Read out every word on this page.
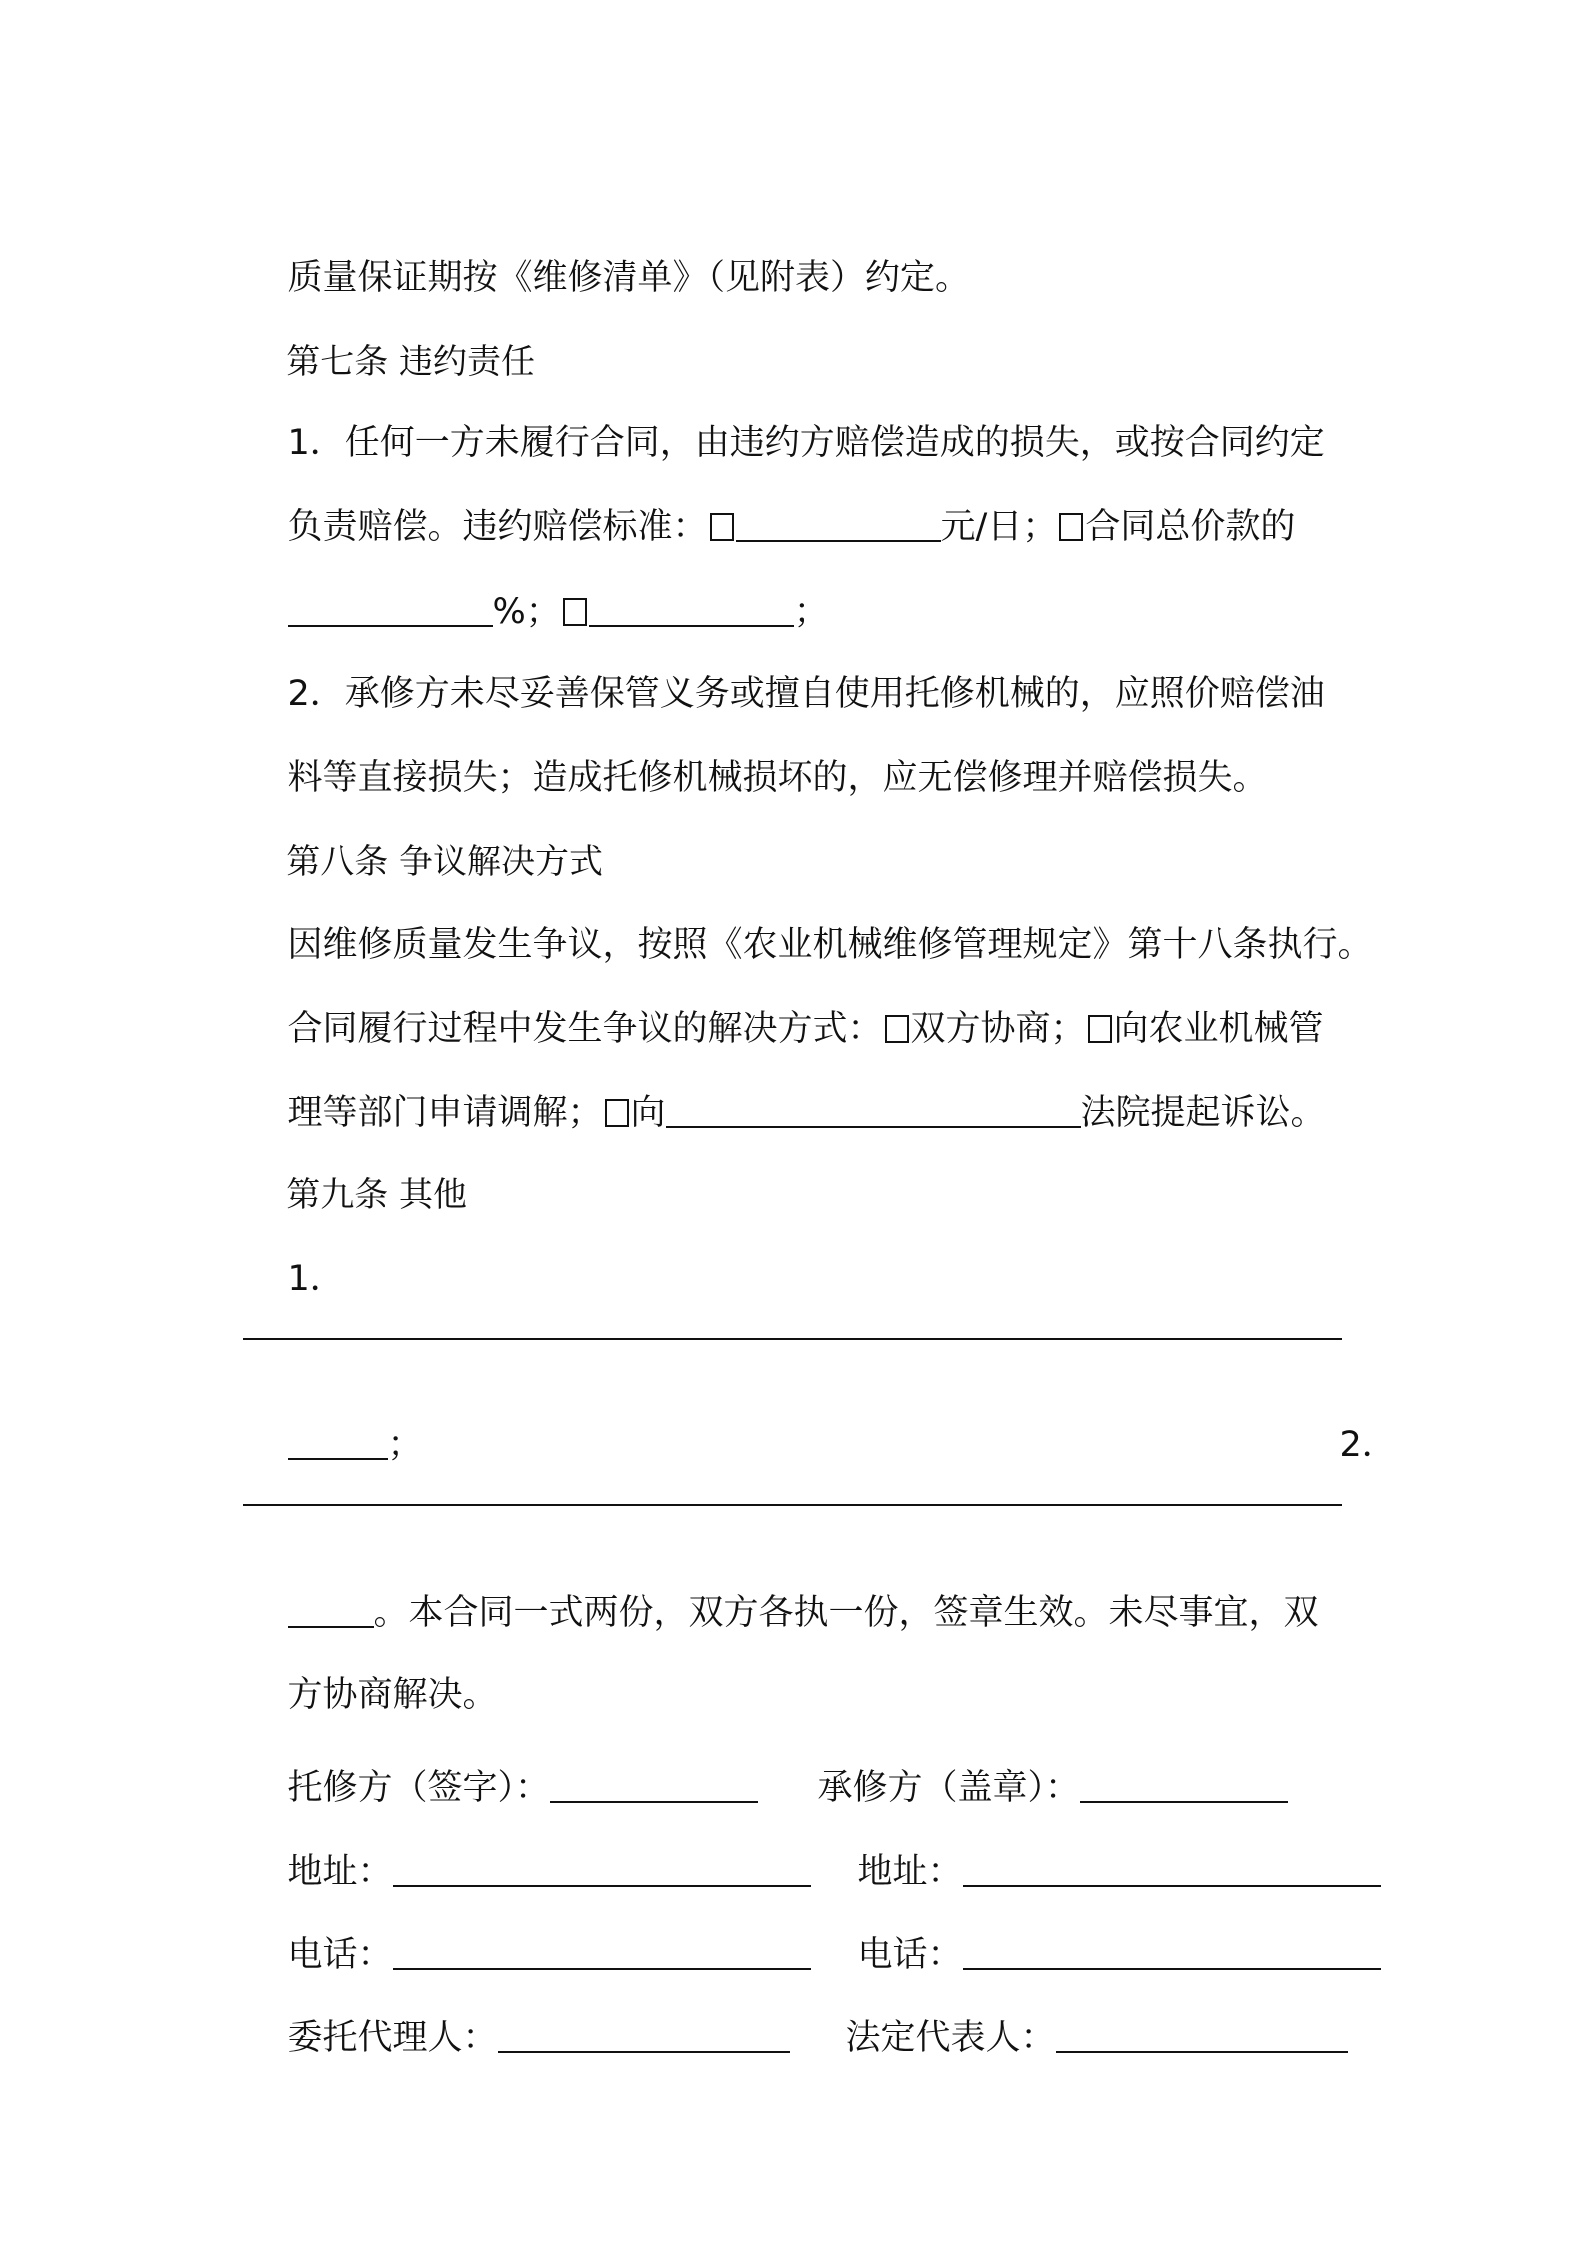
质量保证期按《维修清单》（见附表）约定。

第七条 违约责任

1．任何一方未履行合同，由违约方赔偿造成的损失，或按合同约定

负责赔偿。违约赔偿标准：	元/日； 合同总价款的

%；	；

2．承修方未尽妥善保管义务或擅自使用托修机械的，应照价赔偿油

料等直接损失；造成托修机械损坏的，应无偿修理并赔偿损失。

第八条 争议解决方式

因维修质量发生争议，按照《农业机械维修管理规定》第十八条执行。

合同履行过程中发生争议的解决方式： 双方协商； 向农业机械管

理等部门申请调解； 向	法院提起诉讼。

第九条 其他

1．

；
	2．

。本合同一式两份，双方各执一份，签章生效。未尽事宜，双

方协商解决。

托修方（签字）：
	承修方（盖章）：

地址：
	地址：

电话：
	电话：

委托代理人：
	法定代表人：
